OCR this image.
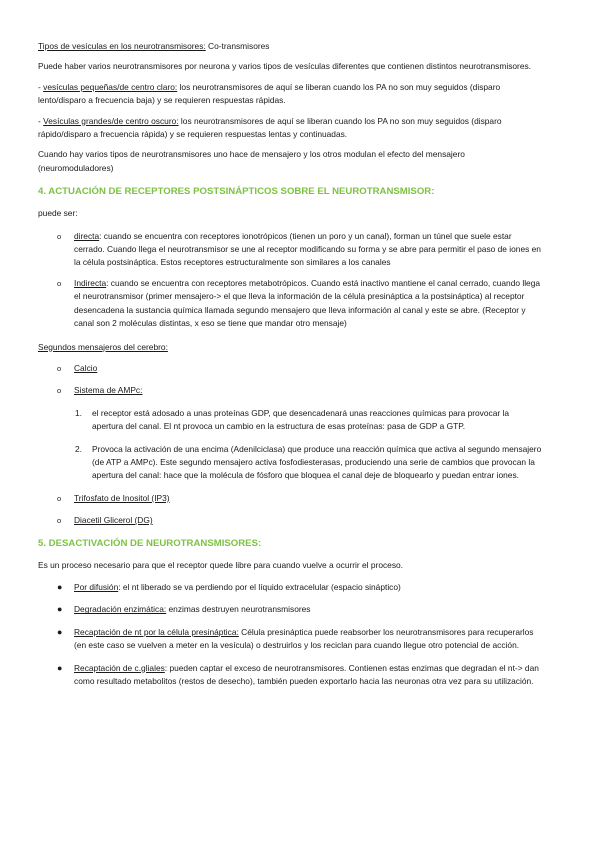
Tipos de vesículas en los neurotransmisores: Co-transmisores

Puede haber varios neurotransmisores por neurona y varios tipos de vesículas diferentes que contienen distintos neurotransmisores.

- vesículas pequeñas/de centro claro: los neurotransmisores de aquí se liberan cuando los PA no son muy seguidos (disparo lento/disparo a frecuencia baja) y se requieren respuestas rápidas.

- Vesículas grandes/de centro oscuro: los neurotransmisores de aquí se liberan cuando los PA no son muy seguidos (disparo rápido/disparo a frecuencia rápida) y se requieren respuestas lentas y continuadas.

Cuando hay varios tipos de neurotransmisores uno hace de mensajero y los otros modulan el efecto del mensajero (neuromoduladores)

4. ACTUACIÓN DE RECEPTORES POSTSINÁPTICOS SOBRE EL NEUROTRANSMISOR:

puede ser:

o directa: cuando se encuentra con receptores ionotrópicos (tienen un poro y un canal), forman un túnel que suele estar cerrado. Cuando llega el neurotransmisor se une al receptor modificando su forma y se abre para permitir el paso de iones en la célula postsináptica. Estos receptores estructuralmente son similares a los canales
o Indirecta: cuando se encuentra con receptores metabotrópicos. Cuando está inactivo mantiene el canal cerrado, cuando llega el neurotransmisor (primer mensajero-> el que lleva la información de la célula presináptica a la postsináptica) al receptor desencadena la sustancia química llamada segundo mensajero que lleva información al canal y este se abre. (Receptor y canal son 2 moléculas distintas, x eso se tiene que mandar otro mensaje)

Segundos mensajeros del cerebro:

o Calcio
o Sistema de AMPc:
1. el receptor está adosado a unas proteínas GDP, que desencadenará unas reacciones químicas para provocar la apertura del canal. El nt provoca un cambio en la estructura de esas proteínas: pasa de GDP a GTP.
2. Provoca la activación de una encima (Adenilciclasa) que produce una reacción química que activa al segundo mensajero (de ATP a AMPc). Este segundo mensajero activa fosfodiesterasas, produciendo una serie de cambios que provocan la apertura del canal: hace que la molécula de fósforo que bloquea el canal deje de bloquearlo y puedan entrar iones.
o Trifosfato de Inositol (IP3)
o Diacetil Glicerol (DG)

5. DESACTIVACIÓN DE NEUROTRANSMISORES:

Es un proceso necesario para que el receptor quede libre para cuando vuelve a ocurrir el proceso.

● Por difusión: el nt liberado se va perdiendo por el líquido extracelular (espacio sináptico)
● Degradación enzimática: enzimas destruyen neurotransmisores
● Recaptación de nt por la célula presináptica: Célula presináptica puede reabsorber los neurotransmisores para recuperarlos (en este caso se vuelven a meter en la vesícula) o destruirlos y los reciclan para cuando llegue otro potencial de acción.
● Recaptación de c.gliales: pueden captar el exceso de neurotransmisores. Contienen estas enzimas que degradan el nt-> dan como resultado metabolitos (restos de desecho), también pueden exportarlo hacia las neuronas otra vez para su utilización.
